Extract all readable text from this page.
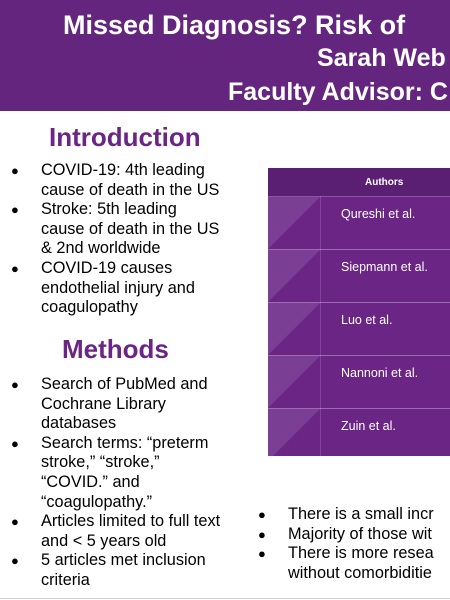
Missed Diagnosis? Risk of
Sarah Web
Faculty Advisor: C
Introduction
● COVID-19: 4th leading
cause of death in the US
● Stroke: 5th leading
cause of death in the US
& 2nd worldwide
● COVID-19 causes
endothelial injury and
coagulopathy
Methods
● Search of PubMed and
Cochrane Library
databases
● Search terms: “preterm
stroke,” “stroke,”
“COVID.” and
“coagulopathy.”
● Articles limited to full text
and < 5 years old
● 5 articles met inclusion
criteria
Authors
Qureshi et al.
Siepmann et al.
Luo et al.
Nannoni et al.
Zuin et al.
● There is a small incr
● Majority of those wit
● There is more resea
without comorbiditie
